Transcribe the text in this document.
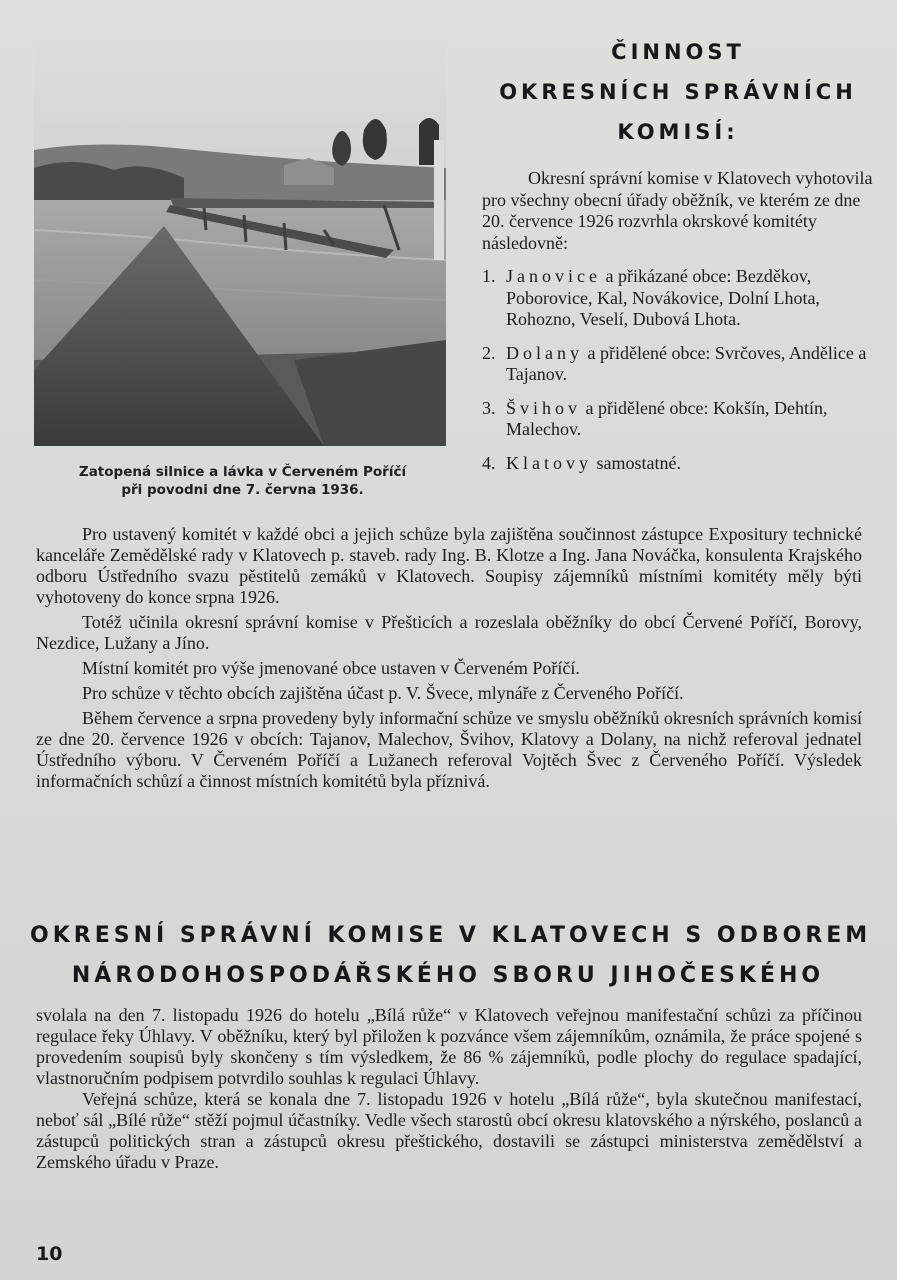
Zatopená silnice a lávka v Červeném Poříčí
při povodni dne 7. června 1936.
ČINNOST
OKRESNÍCH SPRÁVNÍCH
KOMISÍ:

Okresní správní komise v Klatovech vyhotovila pro všechny obecní úřady oběžník, ve kterém ze dne 20. července 1926 rozvrhla okrskové komitéty následovně:

1. Janovice a přikázané obce: Bezděkov, Poborovice, Kal, Novákovice, Dolní Lhota, Rohozno, Veselí, Dubová Lhota.
2. Dolany a přidělené obce: Svrčoves, Andělice a Tajanov.
3. Švihov a přidělené obce: Kokšín, Dehtín, Malechov.
4. Klatovy samostatné.

Pro ustavený komitét v každé obci a jejich schůze byla zajištěna součinnost zástupce Expositury technické kanceláře Zemědělské rady v Klatovech p. staveb. rady Ing. B. Klotze a Ing. Jana Nováčka, konsulenta Krajského odboru Ústředního svazu pěstitelů zemáků v Klatovech. Soupisy zájemníků místními komitéty měly býti vyhotoveny do konce srpna 1926.

Totéž učinila okresní správní komise v Přešticích a rozeslala oběžníky do obcí Červené Poříčí, Borovy, Nezdice, Lužany a Jíno.

Místní komitét pro výše jmenované obce ustaven v Červeném Poříčí.

Pro schůze v těchto obcích zajištěna účast p. V. Švece, mlynáře z Červeného Poříčí.

Během července a srpna provedeny byly informační schůze ve smyslu oběžníků okresních správních komisí ze dne 20. července 1926 v obcích: Tajanov, Malechov, Švihov, Klatovy a Dolany, na nichž referoval jednatel Ústředního výboru. V Červeném Poříčí a Lužanech referoval Vojtěch Švec z Červeného Poříčí. Výsledek informačních schůzí a činnost místních komitétů byla příznivá.

OKRESNÍ SPRÁVNÍ KOMISE V KLATOVECH S ODBOREM
NÁRODOHOSPODÁŘSKÉHO SBORU JIHOČESKÉHO

svolala na den 7. listopadu 1926 do hotelu „Bílá růže“ v Klatovech veřejnou manifestační schůzi za příčinou regulace řeky Úhlavy. V oběžníku, který byl přiložen k pozvánce všem zájemníkům, oznámila, že práce spojené s provedením soupisů byly skončeny s tím výsledkem, že 86 % zájemníků, podle plochy do regulace spadající, vlastnoručním podpisem potvrdilo souhlas k regulaci Úhlavy.

Veřejná schůze, která se konala dne 7. listopadu 1926 v hotelu „Bílá růže“, byla skutečnou manifestací, neboť sál „Bílé růže“ stěží pojmul účastníky. Vedle všech starostů obcí okresu klatovského a nýrského, poslanců a zástupců politických stran a zástupců okresu přeštického, dostavili se zástupci ministerstva zemědělství a Zemského úřadu v Praze.

10
